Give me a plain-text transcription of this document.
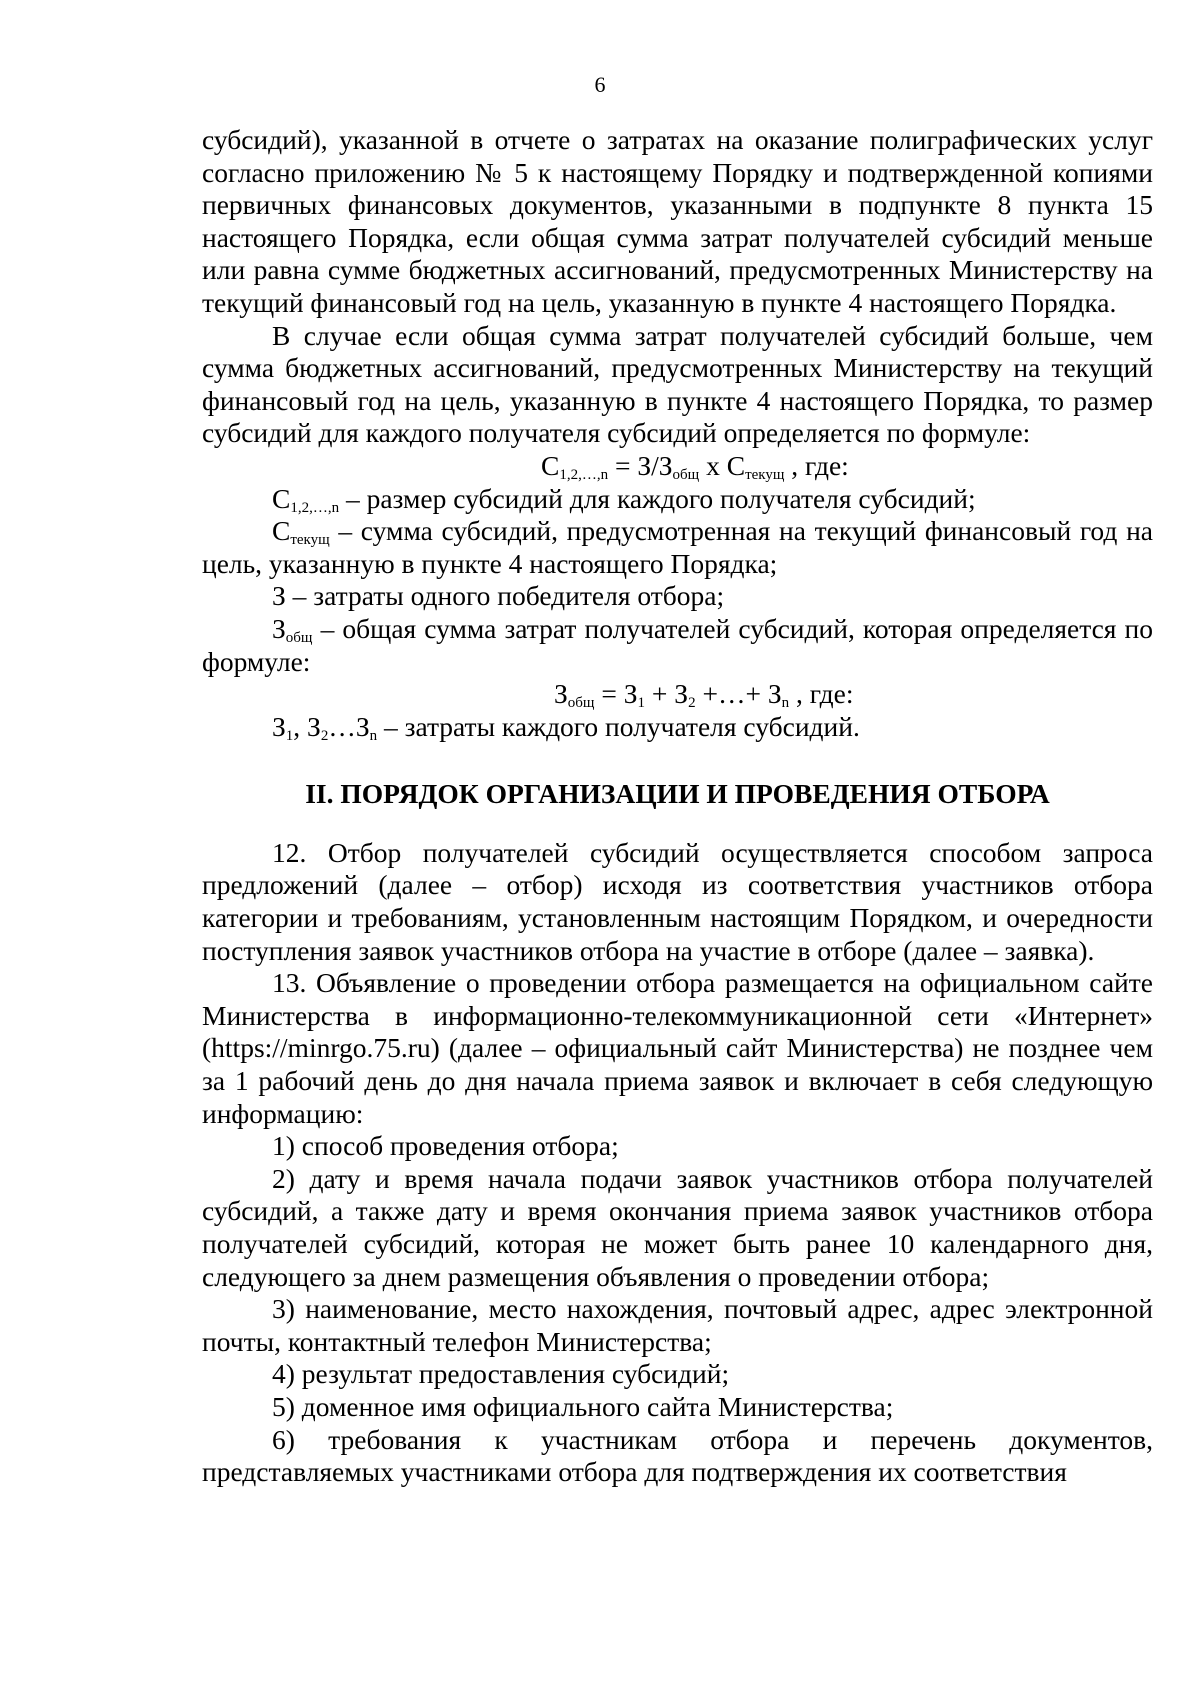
6

субсидий), указанной в отчете о затратах на оказание полиграфических услуг согласно приложению № 5 к настоящему Порядку и подтвержденной копиями первичных финансовых документов, указанными в подпункте 8 пункта 15 настоящего Порядка, если общая сумма затрат получателей субсидий меньше или равна сумме бюджетных ассигнований, предусмотренных Министерству на текущий финансовый год на цель, указанную в пункте 4 настоящего Порядка.

В случае если общая сумма затрат получателей субсидий больше, чем сумма бюджетных ассигнований, предусмотренных Министерству на текущий финансовый год на цель, указанную в пункте 4 настоящего Порядка, то размер субсидий для каждого получателя субсидий определяется по формуле:

$С_{1,2,\dots,n} = З/З_{общ}$ х $С_{текущ}$ , где:

$С_{1,2,\dots,n}$ – размер субсидий для каждого получателя субсидий;

$С_{текущ}$ – сумма субсидий, предусмотренная на текущий финансовый год на цель, указанную в пункте 4 настоящего Порядка;

З – затраты одного победителя отбора;

$З_{общ}$ – общая сумма затрат получателей субсидий, которая определяется по формуле:

$З_{общ} = З_1 + З_2$ +…+ $З_n$ , где:

$З_1$, $З_2\dots З_n$ – затраты каждого получателя субсидий.

II. ПОРЯДОК ОРГАНИЗАЦИИ И ПРОВЕДЕНИЯ ОТБОРА

12. Отбор получателей субсидий осуществляется способом запроса предложений (далее – отбор) исходя из соответствия участников отбора категории и требованиям, установленным настоящим Порядком, и очередности поступления заявок участников отбора на участие в отборе (далее – заявка).

13. Объявление о проведении отбора размещается на официальном сайте Министерства в информационно-телекоммуникационной сети «Интернет» (https://minrgo.75.ru) (далее – официальный сайт Министерства) не позднее чем за 1 рабочий день до дня начала приема заявок и включает в себя следующую информацию:

1) способ проведения отбора;

2) дату и время начала подачи заявок участников отбора получателей субсидий, а также дату и время окончания приема заявок участников отбора получателей субсидий, которая не может быть ранее 10 календарного дня, следующего за днем размещения объявления о проведении отбора;

3) наименование, место нахождения, почтовый адрес, адрес электронной почты, контактный телефон Министерства;

4) результат предоставления субсидий;

5) доменное имя официального сайта Министерства;

6) требования к участникам отбора и перечень документов, представляемых участниками отбора для подтверждения их соответствия
